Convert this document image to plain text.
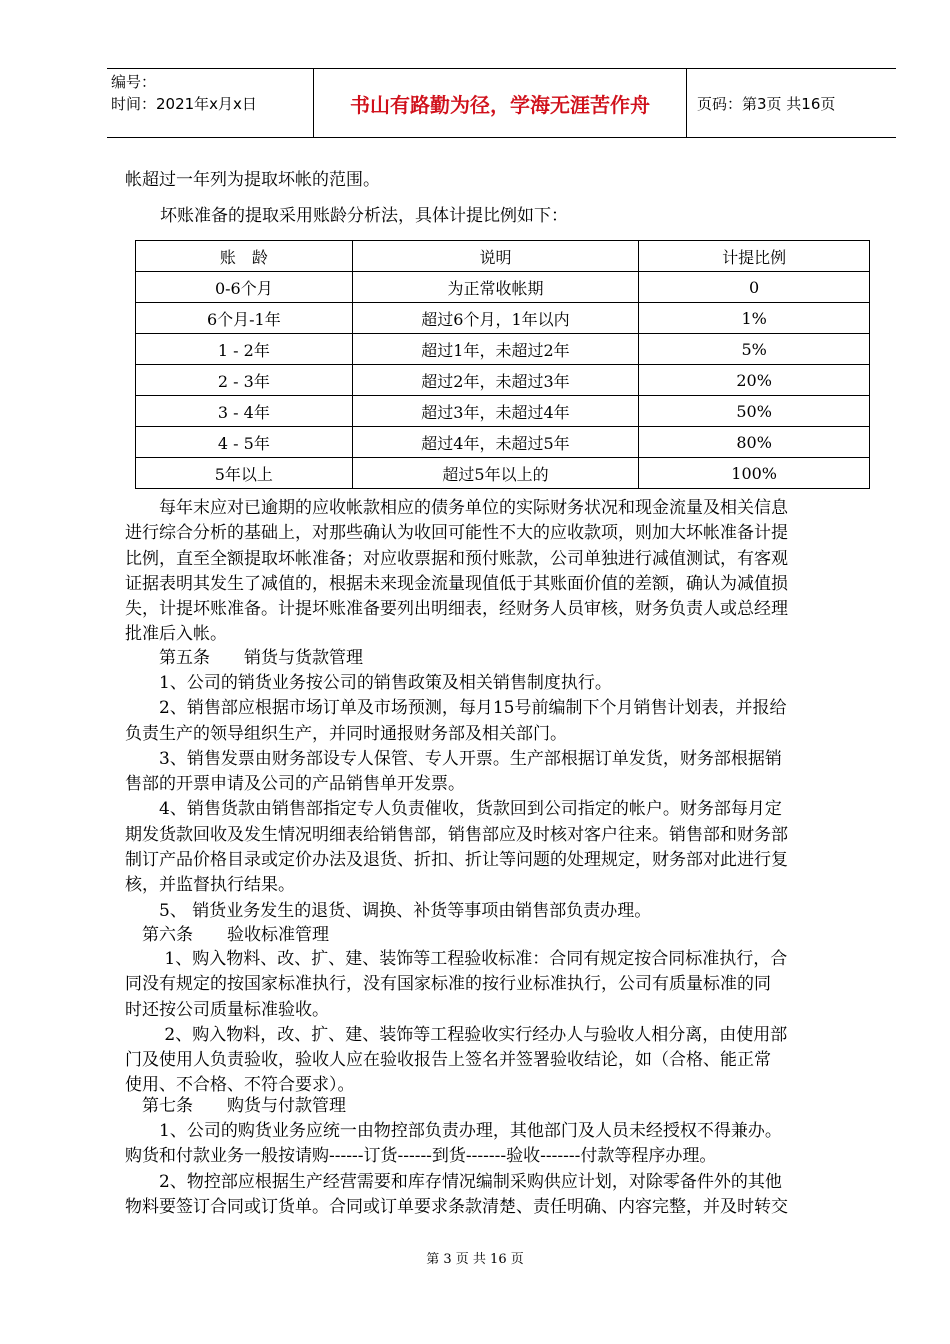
编号：
时间：2021年x月x日	书山有路勤为径，学海无涯苦作舟	页码：第3页 共16页
帐超过一年列为提取坏帐的范围。
坏账准备的提取采用账龄分析法，具体计提比例如下：
账　龄	说明	计提比例
0-6个月	为正常收帐期	0
6个月-1年	超过6个月，1年以内	1%
1 - 2年	超过1年，未超过2年	5%
2 - 3年	超过2年，未超过3年	20%
3 - 4年	超过3年，未超过4年	50%
4 - 5年	超过4年，未超过5年	80%
5年以上	超过5年以上的	100%
　　每年末应对已逾期的应收帐款相应的债务单位的实际财务状况和现金流量及相关信息
进行综合分析的基础上，对那些确认为收回可能性不大的应收款项，则加大坏帐准备计提
比例，直至全额提取坏帐准备；对应收票据和预付账款，公司单独进行减值测试，有客观
证据表明其发生了减值的，根据未来现金流量现值低于其账面价值的差额，确认为减值损
失，计提坏账准备。计提坏账准备要列出明细表，经财务人员审核，财务负责人或总经理
批准后入帐。
　　第五条　　销货与货款管理
　　1、公司的销货业务按公司的销售政策及相关销售制度执行。
　　2、销售部应根据市场订单及市场预测，每月15号前编制下个月销售计划表，并报给
负责生产的领导组织生产，并同时通报财务部及相关部门。
　　3、销售发票由财务部设专人保管、专人开票。生产部根据订单发货，财务部根据销
售部的开票申请及公司的产品销售单开发票。
　　4、销售货款由销售部指定专人负责催收，货款回到公司指定的帐户。财务部每月定
期发货款回收及发生情况明细表给销售部，销售部应及时核对客户往来。销售部和财务部
制订产品价格目录或定价办法及退货、折扣、折让等问题的处理规定，财务部对此进行复
核，并监督执行结果。
　　5、 销货业务发生的退货、调换、补货等事项由销售部负责办理。
　第六条　　验收标准管理
　　 1、购入物料、改、扩、建、装饰等工程验收标准：合同有规定按合同标准执行，合
同没有规定的按国家标准执行，没有国家标准的按行业标准执行，公司有质量标准的同
时还按公司质量标准验收。
　　 2、购入物料，改、扩、建、装饰等工程验收实行经办人与验收人相分离，由使用部
门及使用人负责验收，验收人应在验收报告上签名并签署验收结论，如（合格、能正常
使用、不合格、不符合要求）。
　第七条　　购货与付款管理
　　1、公司的购货业务应统一由物控部负责办理，其他部门及人员未经授权不得兼办。
购货和付款业务一般按请购------订货------到货-------验收-------付款等程序办理。
　　2、物控部应根据生产经营需要和库存情况编制采购供应计划，对除零备件外的其他
物料要签订合同或订货单。合同或订单要求条款清楚、责任明确、内容完整，并及时转交
第 3 页 共 16 页
